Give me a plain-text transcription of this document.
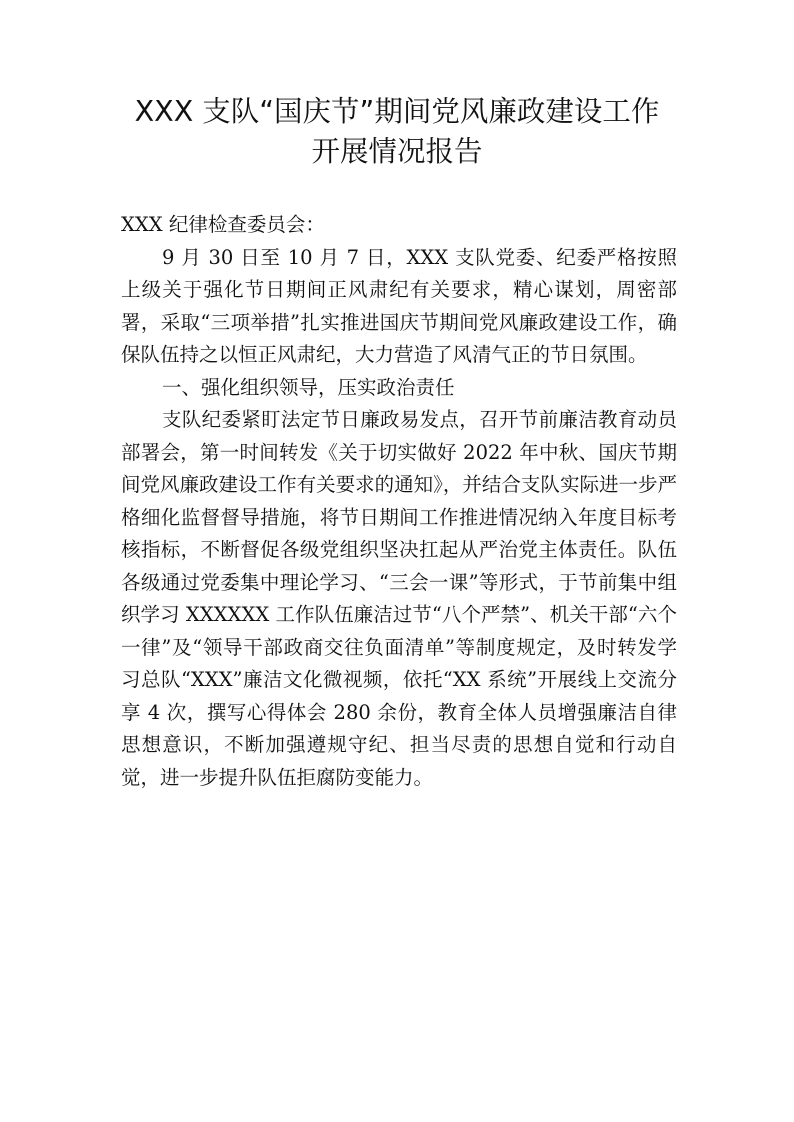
XXX 支队“国庆节”期间党风廉政建设工作
开展情况报告

XXX 纪律检查委员会：

9 月 30 日至 10 月 7 日，XXX 支队党委、纪委严格按照上级关于强化节日期间正风肃纪有关要求，精心谋划，周密部署，采取“三项举措”扎实推进国庆节期间党风廉政建设工作，确保队伍持之以恒正风肃纪，大力营造了风清气正的节日氛围。

一、强化组织领导，压实政治责任

支队纪委紧盯法定节日廉政易发点，召开节前廉洁教育动员部署会，第一时间转发《关于切实做好 2022 年中秋、国庆节期间党风廉政建设工作有关要求的通知》，并结合支队实际进一步严格细化监督督导措施，将节日期间工作推进情况纳入年度目标考核指标，不断督促各级党组织坚决扛起从严治党主体责任。队伍各级通过党委集中理论学习、“三会一课”等形式，于节前集中组织学习 XXXXXX 工作队伍廉洁过节“八个严禁”、机关干部“六个一律”及“领导干部政商交往负面清单”等制度规定，及时转发学习总队“XXX”廉洁文化微视频，依托“XX 系统”开展线上交流分享 4 次，撰写心得体会 280 余份，教育全体人员增强廉洁自律思想意识，不断加强遵规守纪、担当尽责的思想自觉和行动自觉，进一步提升队伍拒腐防变能力。
